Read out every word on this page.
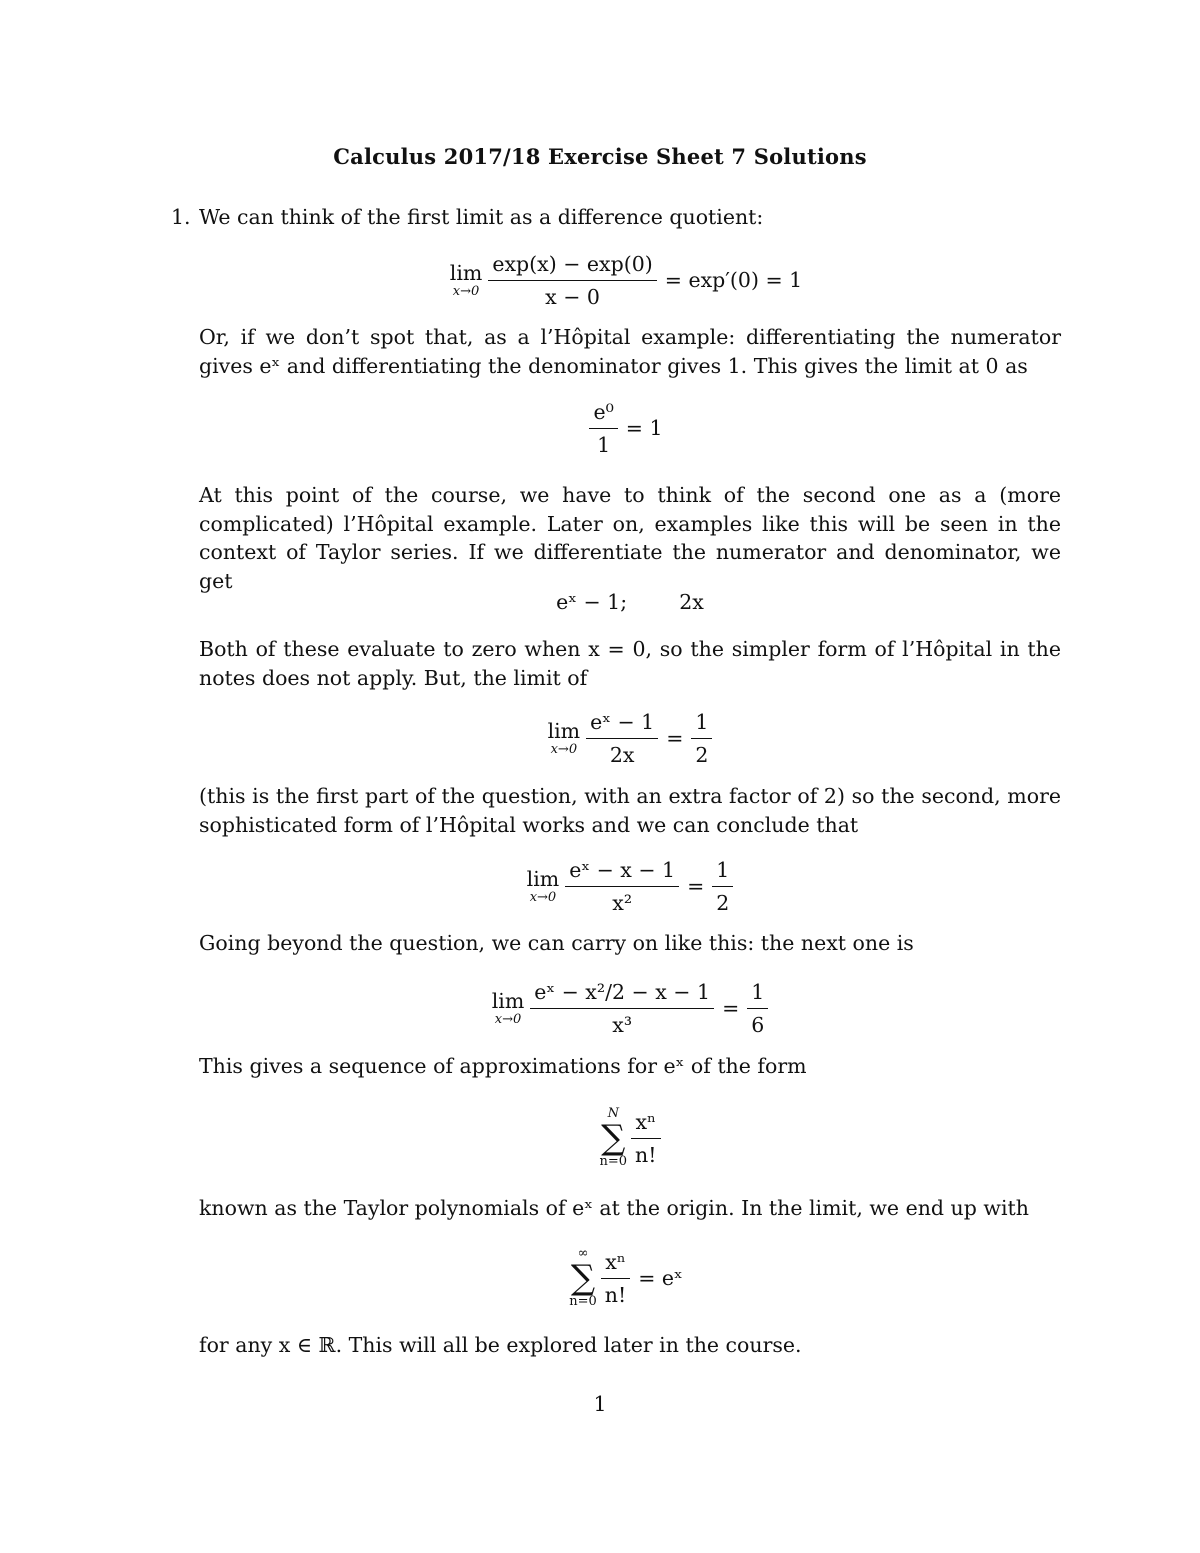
Calculus 2017/18 Exercise Sheet 7 Solutions
1. We can think of the first limit as a difference quotient:
lim
$x\to 0 \frac{\exp(x) - \exp(0)}{x - 0} = \exp'(0) = 1$
Or, if we don’t spot that, as a l’Hôpital example: differentiating the numerator gives eˣ and differentiating the denominator gives 1. This gives the limit at 0 as
$\frac{\text{e⁰}}{1} = 1$
At this point of the course, we have to think of the second one as a (more complicated) l’Hôpital example. Later on, examples like this will be seen in the context of Taylor series. If we differentiate the numerator and denominator, we get
eˣ − 1;        2x
Both of these evaluate to zero when x = 0, so the simpler form of l’Hôpital in the notes does not apply. But, the limit of
lim
$x\to 0 \frac{\text{eˣ − 1}}{2x} = \frac{1}{2}$
(this is the first part of the question, with an extra factor of 2) so the second, more sophisticated form of l’Hôpital works and we can conclude that
lim
$x\to 0 \frac{\text{eˣ − x − 1}}{\text{x²}} = \frac{1}{2}$
Going beyond the question, we can carry on like this: the next one is
lim
$x\to 0 \frac{\text{eˣ − x²/2 − x − 1}}{\text{x³}} = \frac{1}{6}$
This gives a sequence of approximations for eˣ of the form
N
∑
$n=0 \frac{\text{xⁿ}}{n!}$
known as the Taylor polynomials of eˣ at the origin. In the limit, we end up with
∞
∑
$n=0 \frac{\text{xⁿ}}{n!}$ = eˣ
for any x ∈ ℝ. This will all be explored later in the course.
1
